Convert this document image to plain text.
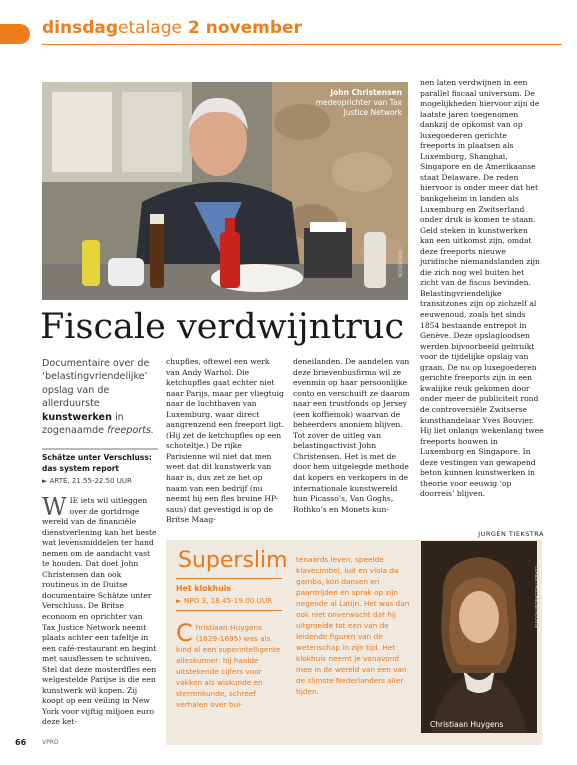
dinsdagetalage 2 november
John Christensen
medeoprichter van Tax Justice Network
MOODBOARD
Fiscale verdwijntruc
Documentaire over de ‘belastingvriendelijke’ opslag van de allerduurste kunstwerken in zogenaamde freeports.
Schätze unter Verschluss: das system report
► ARTE, 21.55-22.50 UUR
WIE iets wil uitleggen over de gortdroge wereld van de financiële dienstverlening kan het beste wat levensmiddelen ter hand nemen om de aandacht vast te houden. Dat doet John Christensen dan ook routineus in de Duitse documentaire Schätze unter Verschluss. De Britse econoom en oprichter van Tax Justice Network neemt plaats achter een tafeltje in een café-restaurant en begint met sausflessen te schuiven. Stel dat deze mosterdfles een welgestelde Parijse is die een kunstwerk wil kopen. Zij koopt op een veiling in New York voor vijftig miljoen euro deze ket-
chupfles, oftewel een werk van Andy Warhol. Die ketchupfles gaat echter niet naar Parijs, maar per vliegtuig naar de luchthaven van Luxemburg, waar direct aangrenzend een freeport ligt. (Hij zet de ketchupfles op een schoteltje.) De rijke Parisienne wil niet dat men weet dat dit kunstwerk van haar is, dus zet ze het op naam van een bedrijf (nu neemt hij een fles bruine HP-saus) dat gevestigd is op de Britse Maag-
deneilanden. De aandelen van deze brievenbusfirma wil ze evenmin op haar persoonlijke conto en verschuift ze daarom naar een trustfonds op Jersey (een koffiemok) waarvan de beheerders anoniem blijven. Tot zover de uitleg van belastingactivist John Christensen. Het is met de door hem uitgelegde methode dat kopers en verkopers in de internationale kunstwereld hun Picasso’s, Van Goghs, Rothko’s en Monets kun-
nen laten verdwijnen in een parallel fiscaal universum. De mogelijkheden hiervoor zijn de laatste jaren toegenomen dankzij de opkomst van op luxegoederen gerichte freeports in plaatsen als Luxemburg, Shanghai, Singapore en de Amerikaanse staat Delaware. De reden hiervoor is onder meer dat het bankgeheim in landen als Luxemburg en Zwitserland onder druk is komen te staan. Geld steken in kunstwerken kan een uitkomst zijn, omdat deze freeports nieuwe juridische niemandslanden zijn die zich nog wel buiten het zicht van de fiscus bevinden. Belastingvriendelijke transitzones zijn op zichzelf al eeuwenoud, zoals het sinds 1854 bestaande entrepot in Genève. Deze opslagloodsen werden bijvoorbeeld gebruikt voor de tijdelijke opslag van graan. De nu op luxegoederen gerichte freeports zijn in een kwalijke reuk gekomen door onder meer de publiciteit rond de controversiële Zwitserse kunsthandelaar Yves Bouvier. Hij liet onlangs wekenlang twee freeports bouwen in Luxemburg en Singapore. In deze vestingen van gewapend beton kunnen kunstwerken in theorie voor eeuwig ‘op doorreis’ blijven.
JURGEN TIEKSTRA
Superslim
Het klokhuis
► NPO 3, 18.45-19.00 UUR
Christiaan Huygens (1629-1695) was als kind al een superintelligente alleskunner: hij haalde uitstekende cijfers voor vakken als wiskunde en sterrenkunde, schreef verhalen over bui-
tenaards leven, speelde klavecimbel, luit en viola da gamba, kon dansen en paardrijden en sprak op zijn negende al Latijn. Het was dan ook niet onverwacht dat hij uitgroeide tot een van de leidende figuren van de wetenschap in zijn tijd. Het klokhuis neemt je vanavond mee in de wereld van een van de slimste Nederlanders aller tijden.
Christiaan Huygens
CORBIS / HOLLANDSE HOOGTE
66	VPRO
